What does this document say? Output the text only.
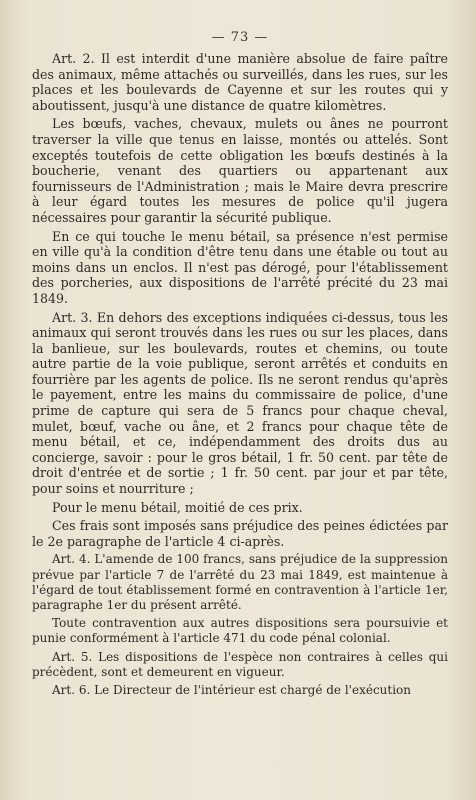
— 73 —

Art. 2. Il est interdit d'une manière absolue de faire paître des animaux, même attachés ou surveillés, dans les rues, sur les places et les boulevards de Cayenne et sur les routes qui y aboutissent, jusqu'à une distance de quatre kilomètres.

Les bœufs, vaches, chevaux, mulets ou ânes ne pourront traverser la ville que tenus en laisse, montés ou attelés. Sont exceptés toutefois de cette obligation les bœufs destinés à la boucherie, venant des quartiers ou appartenant aux fournisseurs de l'Administration ; mais le Maire devra prescrire à leur égard toutes les mesures de police qu'il jugera nécessaires pour garantir la sécurité publique.

En ce qui touche le menu bétail, sa présence n'est permise en ville qu'à la condition d'être tenu dans une étable ou tout au moins dans un enclos. Il n'est pas dérogé, pour l'établissement des porcheries, aux dispositions de l'arrêté précité du 23 mai 1849.

Art. 3. En dehors des exceptions indiquées ci-dessus, tous les animaux qui seront trouvés dans les rues ou sur les places, dans la banlieue, sur les boulevards, routes et chemins, ou toute autre partie de la voie publique, seront arrêtés et conduits en fourrière par les agents de police. Ils ne seront rendus qu'après le payement, entre les mains du commissaire de police, d'une prime de capture qui sera de 5 francs pour chaque cheval, mulet, bœuf, vache ou âne, et 2 francs pour chaque tête de menu bétail, et ce, indépendamment des droits dus au concierge, savoir : pour le gros bétail, 1 fr. 50 cent. par tête de droit d'entrée et de sortie ; 1 fr. 50 cent. par jour et par tête, pour soins et nourriture ;

Pour le menu bétail, moitié de ces prix.

Ces frais sont imposés sans préjudice des peines édictées par le 2e paragraphe de l'article 4 ci-après.

Art. 4. L'amende de 100 francs, sans préjudice de la suppression prévue par l'article 7 de l'arrêté du 23 mai 1849, est maintenue à l'égard de tout établissement formé en contravention à l'article 1er, paragraphe 1er du présent arrêté.

Toute contravention aux autres dispositions sera poursuivie et punie conformément à l'article 471 du code pénal colonial.

Art. 5. Les dispositions de l'espèce non contraires à celles qui précèdent, sont et demeurent en vigueur.

Art. 6. Le Directeur de l'intérieur est chargé de l'exécution
